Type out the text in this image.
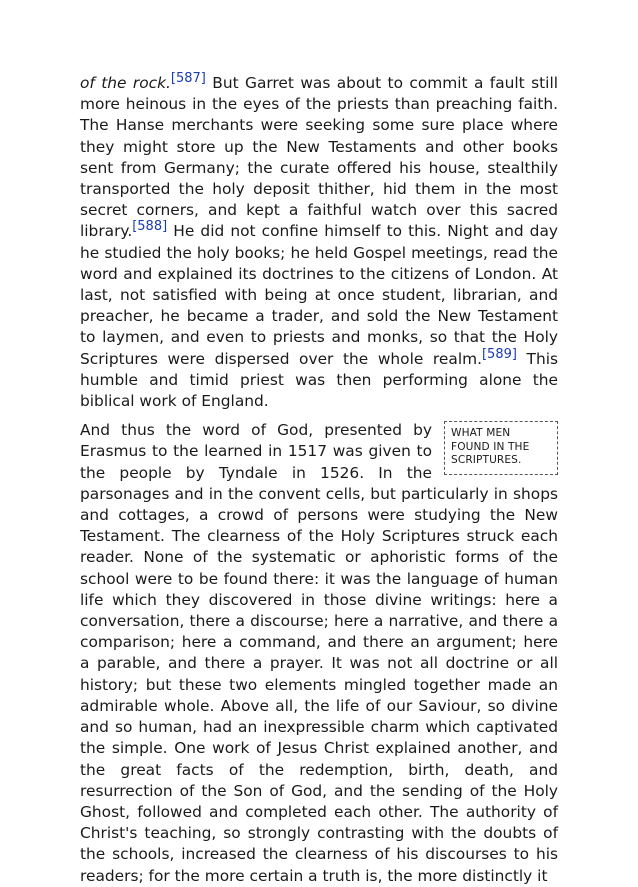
of the rock.[587] But Garret was about to commit a fault still more heinous in the eyes of the priests than preaching faith. The Hanse merchants were seeking some sure place where they might store up the New Testaments and other books sent from Germany; the curate offered his house, stealthily transported the holy deposit thither, hid them in the most secret corners, and kept a faithful watch over this sacred library.[588] He did not confine himself to this. Night and day he studied the holy books; he held Gospel meetings, read the word and explained its doctrines to the citizens of London. At last, not satisfied with being at once student, librarian, and preacher, he became a trader, and sold the New Testament to laymen, and even to priests and monks, so that the Holy Scriptures were dispersed over the whole realm.[589] This humble and timid priest was then performing alone the biblical work of England.

WHAT MEN FOUND IN THE SCRIPTURES.
And thus the word of God, presented by Erasmus to the learned in 1517 was given to the people by Tyndale in 1526. In the parsonages and in the convent cells, but particularly in shops and cottages, a crowd of persons were studying the New Testament. The clearness of the Holy Scriptures struck each reader. None of the systematic or aphoristic forms of the school were to be found there: it was the language of human life which they discovered in those divine writings: here a conversation, there a discourse; here a narrative, and there a comparison; here a command, and there an argument; here a parable, and there a prayer. It was not all doctrine or all history; but these two elements mingled together made an admirable whole. Above all, the life of our Saviour, so divine and so human, had an inexpressible charm which captivated the simple. One work of Jesus Christ explained another, and the great facts of the redemption, birth, death, and resurrection of the Son of God, and the sending of the Holy Ghost, followed and completed each other. The authority of Christ's teaching, so strongly contrasting with the doubts of the schools, increased the clearness of his discourses to his readers; for the more certain a truth is, the more distinctly it
